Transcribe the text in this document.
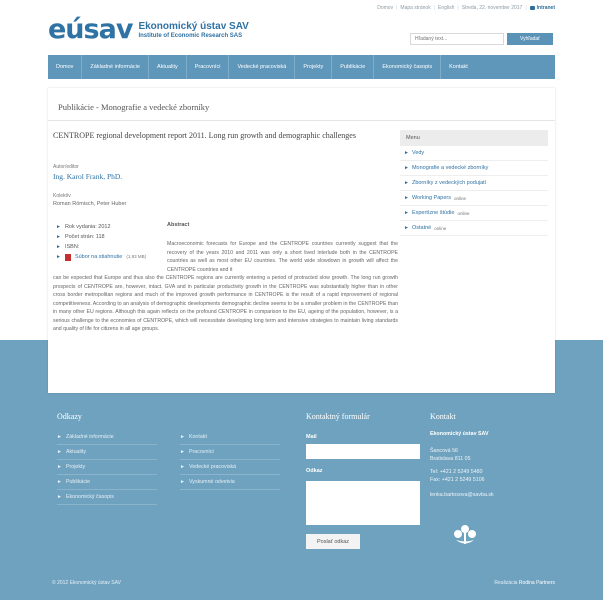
Domov | Mapa stránok | English | Streda, 22. november 2017 | Intranet
eúsav Ekonomický ústav SAV
Institute of Economic Research SAS
Hľadaný text...
Vyhľadať
Domov	Základné informácie	Aktuality	Pracovníci	Vedecké pracoviská	Projekty	Publikácie	Ekonomický časopis	Kontakt
Publikácie - Monografie a vedecké zborníky
CENTROPE regional development report 2011. Long run growth and demographic challenges
Autor/editor
Ing. Karol Frank, PhD.
Kolektív
Roman Römisch, Peter Huber
► Rok vydania: 2012
► Počet strán: 118
► ISBN:
►	Súbor na stiahnutie (1,93 MB)
Abstract
Macroeconomic forecasts for Europe and the CENTROPE countries currently suggest that the recovery of the years 2010 and 2011 was only a short lived interlude both in the CENTROPE countries as well as most other EU countries. The world wide slowdown in growth will affect the CENTROPE countries and it
can be expected that Europe and thus also the CENTROPE regions are currently entering a period of protracted slow growth. The long run growth prospects of CENTROPE are, however, intact. GVA and in particular productivity growth in the CENTROPE was substantially higher than in other cross border metropolitan regions and much of the improved growth performance in CENTROPE is the result of a rapid improvement of regional competitiveness. According to an analysis of demographic developments demographic decline seems to be a smaller problem in the CENTROPE than in many other EU regions. Although this again reflects on the profound CENTROPE in comparison to the EU, ageing of the population, however, is a serious challenge to the economies of CENTROPE, which will necessitate developing long term and intensive strategies to maintain living standards and quality of life for citizens in all age groups.
Menu
► Vedy
► Monografie a vedecké zborníky
► Zborníky z vedeckých podujatí
► Working Papers online
► Expertízne štúdie online
► Ostatné online
Odkazy
► Základné informácie
► Aktuality
► Projekty
► Publikácie
► Ekonomický časopis
► Kontakt
► Pracovníci
► Vedecké pracoviská
► Vyskumné odvetvia
Kontaktný formulár
Mail
Odkaz
Poslať odkaz
Kontakt
Ekonomický ústav SAV
Šancová 56
Bratislava 811 05
Tel: +421 2 5249 5480
Fax: +421 2 5249 5106
lenka.bartosova@savba.sk
© 2012 Ekonomický ústav SAV	Realizácia Rodina Partners
